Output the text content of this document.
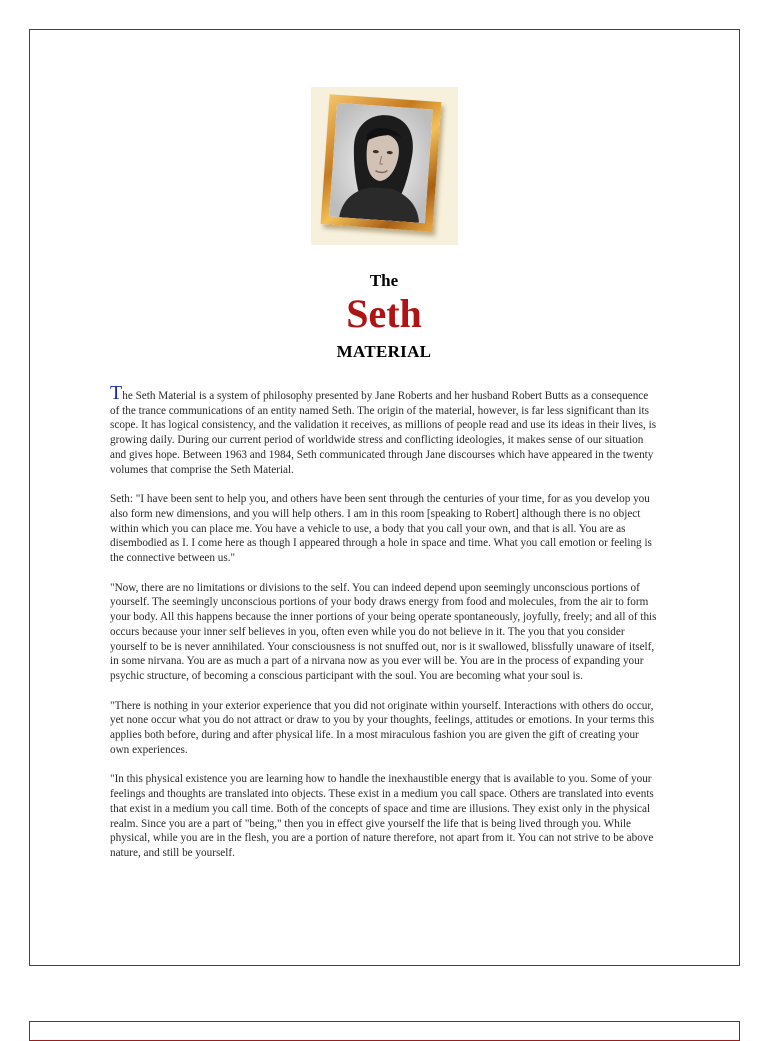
The
Seth
MATERIAL

The Seth Material is a system of philosophy presented by Jane Roberts and her husband Robert Butts as a consequence of the trance communications of an entity named Seth. The origin of the material, however, is far less significant than its scope. It has logical consistency, and the validation it receives, as millions of people read and use its ideas in their lives, is growing daily. During our current period of worldwide stress and conflicting ideologies, it makes sense of our situation and gives hope. Between 1963 and 1984, Seth communicated through Jane discourses which have appeared in the twenty volumes that comprise the Seth Material.

Seth: "I have been sent to help you, and others have been sent through the centuries of your time, for as you develop you also form new dimensions, and you will help others. I am in this room [speaking to Robert] although there is no object within which you can place me. You have a vehicle to use, a body that you call your own, and that is all. You are as disembodied as I. I come here as though I appeared through a hole in space and time. What you call emotion or feeling is the connective between us."

"Now, there are no limitations or divisions to the self. You can indeed depend upon seemingly unconscious portions of yourself. The seemingly unconscious portions of your body draws energy from food and molecules, from the air to form your body. All this happens because the inner portions of your being operate spontaneously, joyfully, freely; and all of this occurs because your inner self believes in you, often even while you do not believe in it. The you that you consider yourself to be is never annihilated. Your consciousness is not snuffed out, nor is it swallowed, blissfully unaware of itself, in some nirvana. You are as much a part of a nirvana now as you ever will be. You are in the process of expanding your psychic structure, of becoming a conscious participant with the soul. You are becoming what your soul is.

"There is nothing in your exterior experience that you did not originate within yourself. Interactions with others do occur, yet none occur what you do not attract or draw to you by your thoughts, feelings, attitudes or emotions. In your terms this applies both before, during and after physical life. In a most miraculous fashion you are given the gift of creating your own experiences.

"In this physical existence you are learning how to handle the inexhaustible energy that is available to you. Some of your feelings and thoughts are translated into objects. These exist in a medium you call space. Others are translated into events that exist in a medium you call time. Both of the concepts of space and time are illusions. They exist only in the physical realm. Since you are a part of "being," then you in effect give yourself the life that is being lived through you. While physical, while you are in the flesh, you are a portion of nature therefore, not apart from it. You can not strive to be above nature, and still be yourself.
